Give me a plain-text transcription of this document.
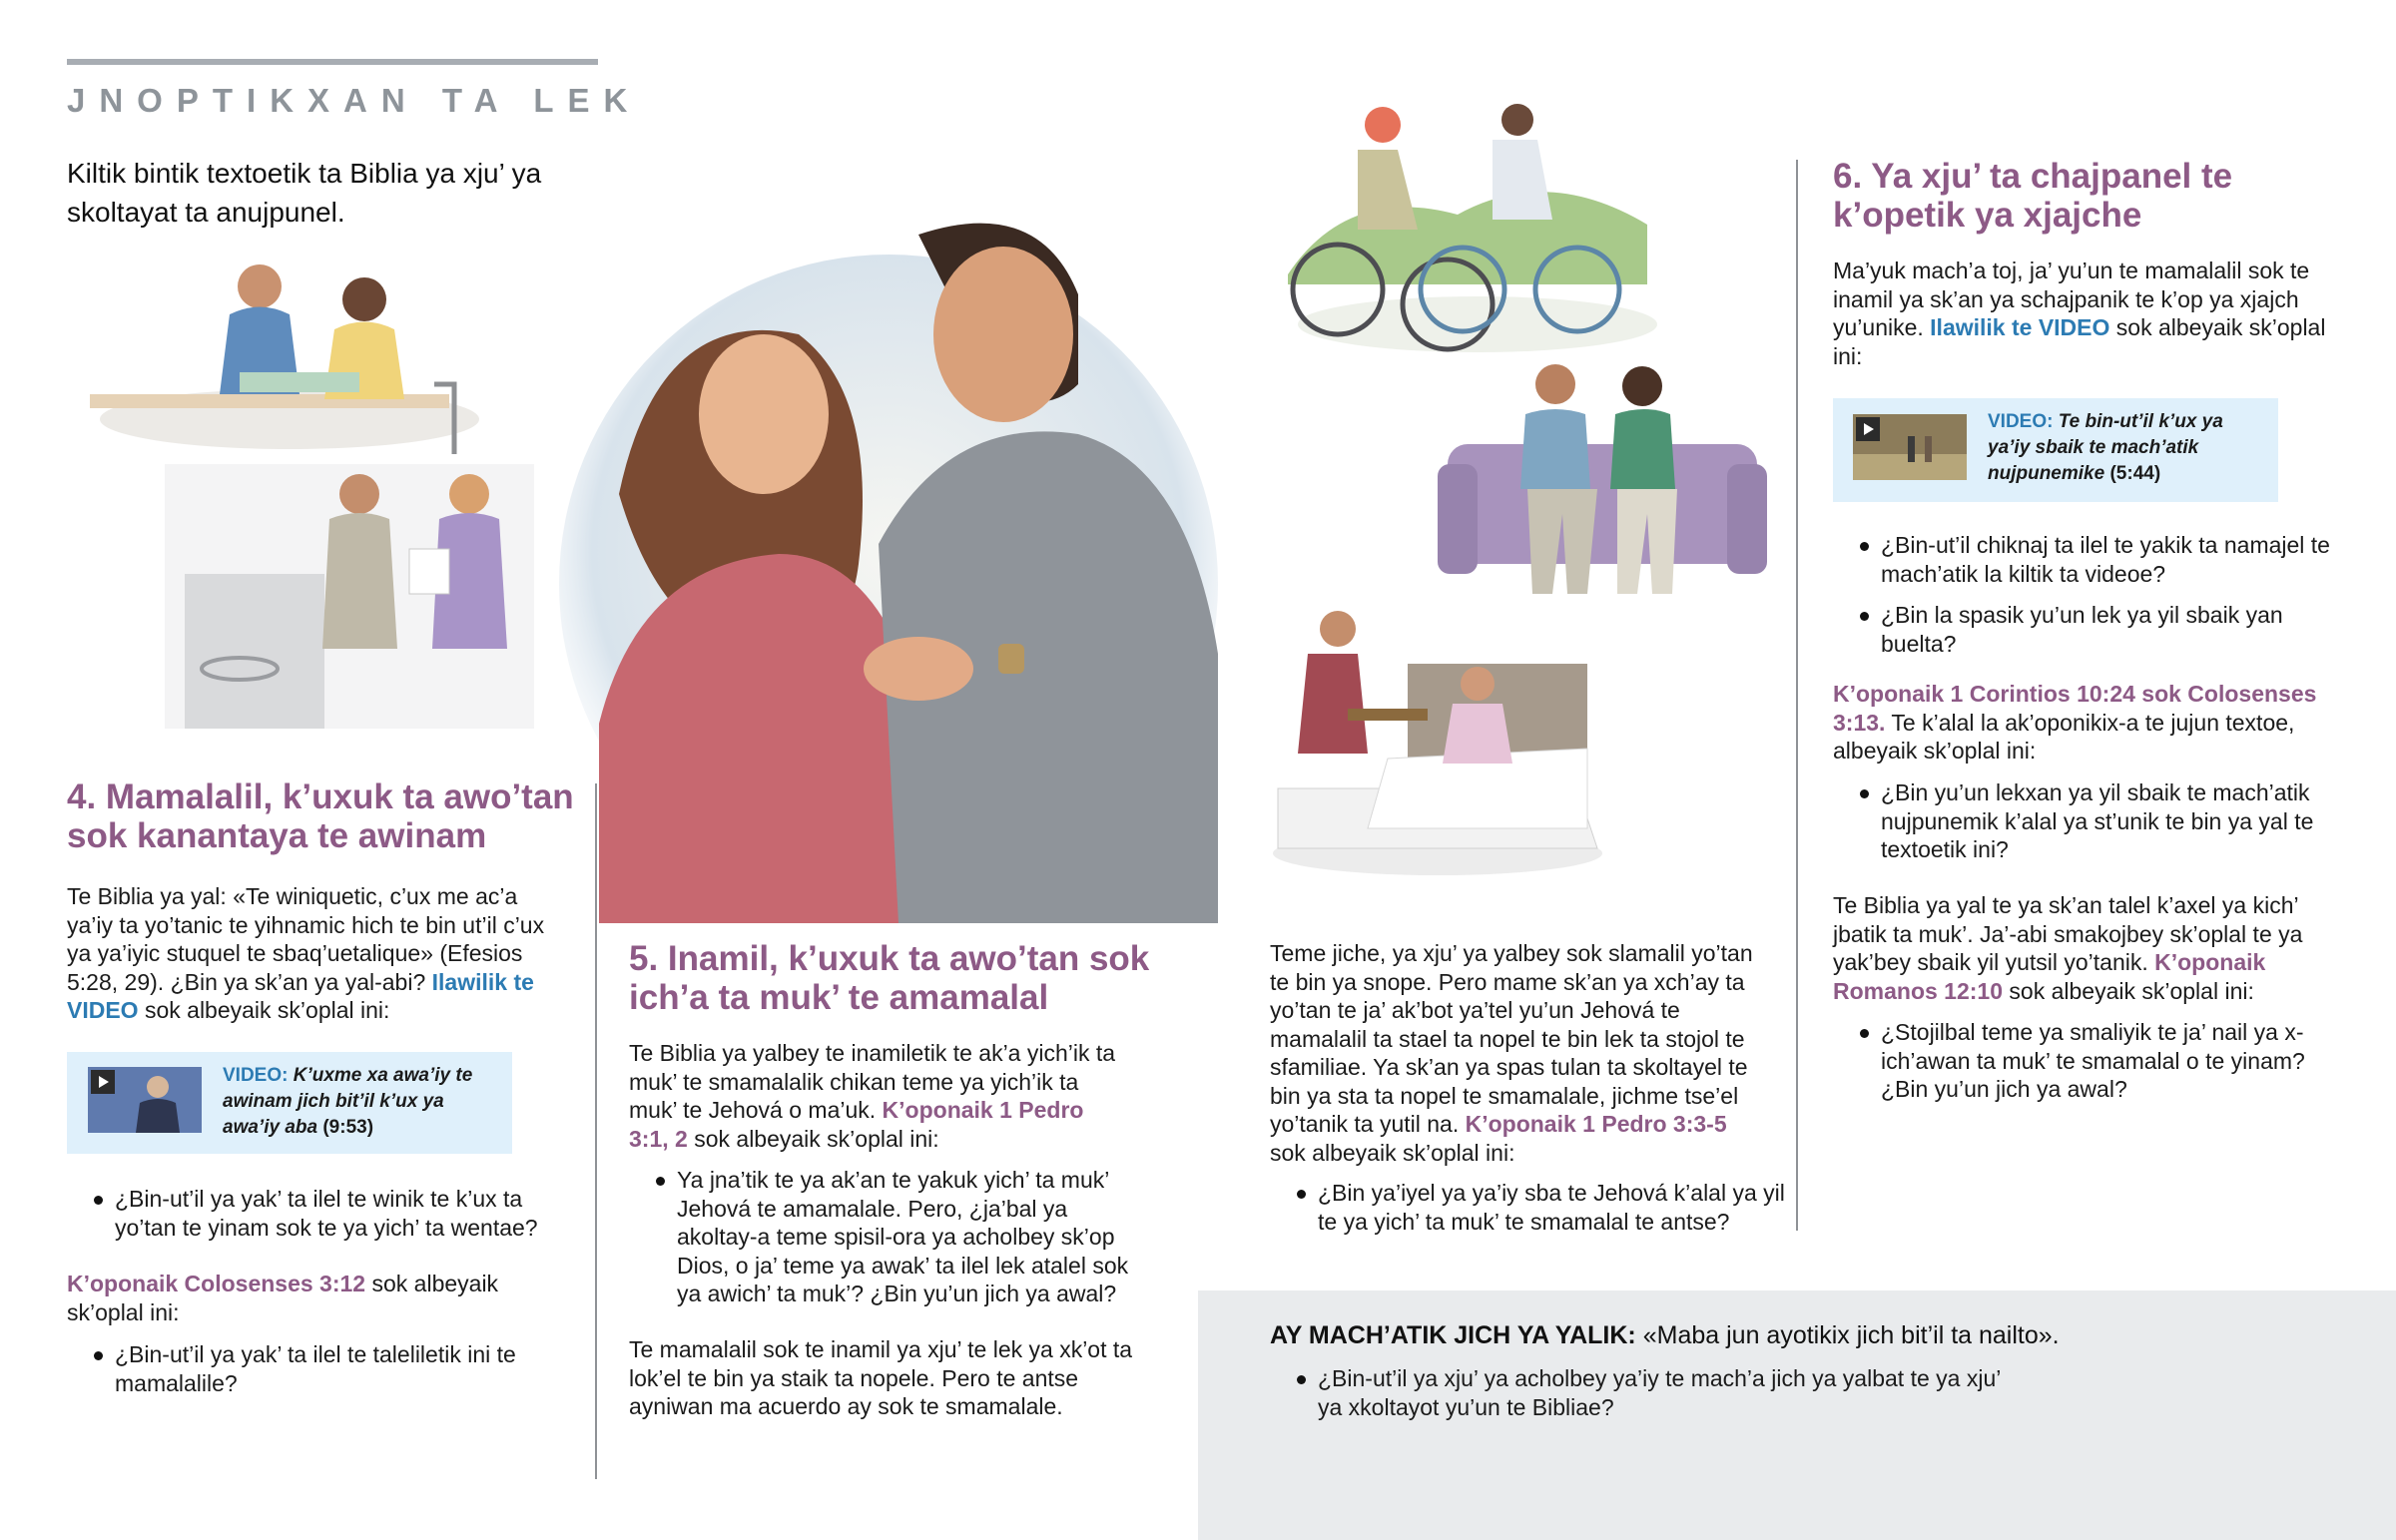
JNOPTIKXAN TA LEK
Kiltik bintik textoetik ta Biblia ya xju’ ya skoltayat ta anujpunel.
4. Mamalalil, k’uxuk ta awo’tan sok kanantaya te awinam
Te Biblia ya yal: «Te winiquetic, c’ux me ac’a ya’iy ta yo’tanic te yihnamic hich te bin ut’il c’ux ya ya’iyic stuquel te sbaq’uetalique» (Efesios 5:28, 29). ¿Bin ya sk’an ya yal-abi? Ilawilik te VIDEO sok albeyaik sk’oplal ini:
VIDEO: K’uxme xa awa’iy te awinam jich bit’il k’ux ya awa’iy aba (9:53)
¿Bin-ut’il ya yak’ ta ilel te winik te k’ux ta yo’tan te yinam sok te ya yich’ ta wentae?
K’oponaik Colosenses 3:12 sok albeyaik sk’oplal ini:
¿Bin-ut’il ya yak’ ta ilel te taleliletik ini te mamalalile?
5. Inamil, k’uxuk ta awo’tan sok ich’a ta muk’ te amamalal
Te Biblia ya yalbey te inamiletik te ak’a yich’ik ta muk’ te smamalalik chikan teme ya yich’ik ta muk’ te Jehová o ma’uk. K’oponaik 1 Pedro 3:1, 2 sok albeyaik sk’oplal ini:
Ya jna’tik te ya ak’an te yakuk yich’ ta muk’ Jehová te amamalale. Pero, ¿ja’bal ya akoltay-a teme spisil-ora ya acholbey sk’op Dios, o ja’ teme ya awak’ ta ilel lek atalel sok ya awich’ ta muk’? ¿Bin yu’un jich ya awal?
Te mamalalil sok te inamil ya xju’ te lek ya xk’ot ta lok’el te bin ya staik ta nopele. Pero te antse ayniwan ma acuerdo ay sok te smamalale.
Teme jiche, ya xju’ ya yalbey sok slamalil yo’tan te bin ya snope. Pero mame sk’an ya xch’ay ta yo’tan te ja’ ak’bot ya’tel yu’un Jehová te mamalalil ta stael ta nopel te bin lek ta stojol te sfamiliae. Ya sk’an ya spas tulan ta skoltayel te bin ya sta ta nopel te smamalale, jichme tse’el yo’tanik ta yutil na. K’oponaik 1 Pedro 3:3-5 sok albeyaik sk’oplal ini:
¿Bin ya’iyel ya ya’iy sba te Jehová k’alal ya yil te ya yich’ ta muk’ te smamalal te antse?
6. Ya xju’ ta chajpanel te k’opetik ya xjajche
Ma’yuk mach’a toj, ja’ yu’un te mamalalil sok te inamil ya sk’an ya schajpanik te k’op ya xjajch yu’unike. Ilawilik te VIDEO sok albeyaik sk’oplal ini:
VIDEO: Te bin-ut’il k’ux ya ya’iy sbaik te mach’atik nujpunemike (5:44)
¿Bin-ut’il chiknaj ta ilel te yakik ta namajel te mach’atik la kiltik ta videoe?
¿Bin la spasik yu’un lek ya yil sbaik yan buelta?
K’oponaik 1 Corintios 10:24 sok Colosenses 3:13. Te k’alal la ak’oponikix-a te jujun textoe, albeyaik sk’oplal ini:
¿Bin yu’un lekxan ya yil sbaik te mach’atik nujpunemik k’alal ya st’unik te bin ya yal te textoetik ini?
Te Biblia ya yal te ya sk’an talel k’axel ya kich’ jbatik ta muk’. Ja’-abi smakojbey sk’oplal te ya yak’bey sbaik yil yutsil yo’tanik. K’oponaik Romanos 12:10 sok albeyaik sk’oplal ini:
¿Stojilbal teme ya smaliyik te ja’ nail ya x-ich’awan ta muk’ te smamalal o te yinam? ¿Bin yu’un jich ya awal?
AY MACH’ATIK JICH YA YALIK: «Maba jun ayotikix jich bit’il ta nailto».
¿Bin-ut’il ya xju’ ya acholbey ya’iy te mach’a jich ya yalbat te ya xju’ ya xkoltayot yu’un te Bibliae?
